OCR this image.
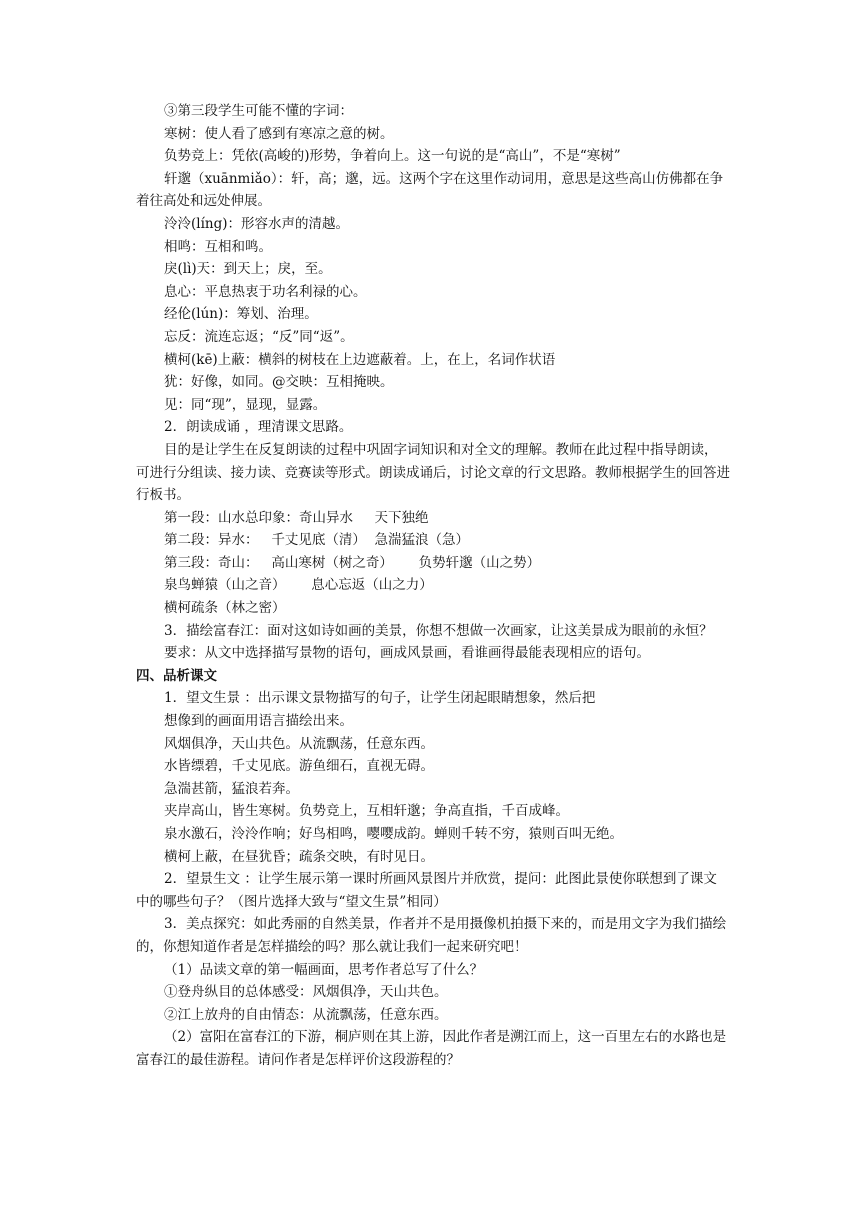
③第三段学生可能不懂的字词：

寒树：使人看了感到有寒凉之意的树。

负势竞上：凭依(高峻的)形势，争着向上。这一句说的是“高山”，不是“寒树”

轩邈（xuānmiǎo）：轩，高；邈，远。这两个字在这里作动词用，意思是这些高山仿佛都在争着往高处和远处伸展。

泠泠(líng)：形容水声的清越。

相鸣：互相和鸣。

戾(lì)天：到天上；戾，至。

息心：平息热衷于功名利禄的心。

经伦(lún)：筹划、治理。

忘反：流连忘返；“反”同“返”。

横柯(kē)上蔽：横斜的树枝在上边遮蔽着。上，在上，名词作状语

犹：好像，如同。@交映：互相掩映。

见：同“现”，显现，显露。

2．朗读成诵 ，理清课文思路。

目的是让学生在反复朗读的过程中巩固字词知识和对全文的理解。教师在此过程中指导朗读，可进行分组读、接力读、竞赛读等形式。朗读成诵后，讨论文章的行文思路。教师根据学生的回答进行板书。

第一段：山水总印象：奇山异水     天下独绝

第二段：异水：   千丈见底（清）  急湍猛浪（急）

第三段：奇山：   高山寒树（树之奇）      负势轩邈（山之势）

泉鸟蝉猿（山之音）      息心忘返（山之力）

横柯疏条（林之密）

3．描绘富春江：面对这如诗如画的美景，你想不想做一次画家，让这美景成为眼前的永恒？

要求：从文中选择描写景物的语句，画成风景画，看谁画得最能表现相应的语句。

四、品析课文

1．望文生景 ：出示课文景物描写的句子，让学生闭起眼睛想象，然后把

想像到的画面用语言描绘出来。

风烟俱净，天山共色。从流飘荡，任意东西。

水皆缥碧，千丈见底。游鱼细石，直视无碍。

急湍甚箭，猛浪若奔。

夹岸高山，皆生寒树。负势竞上，互相轩邈；争高直指，千百成峰。

泉水激石，泠泠作响；好鸟相鸣，嘤嘤成韵。蝉则千转不穷，猿则百叫无绝。

横柯上蔽，在昼犹昏；疏条交映，有时见日。

2．望景生文 ：让学生展示第一课时所画风景图片并欣赏，提问：此图此景使你联想到了课文中的哪些句子？（图片选择大致与“望文生景”相同）

3．美点探究：如此秀丽的自然美景，作者并不是用摄像机拍摄下来的，而是用文字为我们描绘的，你想知道作者是怎样描绘的吗？那么就让我们一起来研究吧！

（1）品读文章的第一幅画面，思考作者总写了什么？

①登舟纵目的总体感受：风烟俱净，天山共色。

②江上放舟的自由情态：从流飘荡，任意东西。

（2）富阳在富春江的下游，桐庐则在其上游，因此作者是溯江而上，这一百里左右的水路也是富春江的最佳游程。请问作者是怎样评价这段游程的？
